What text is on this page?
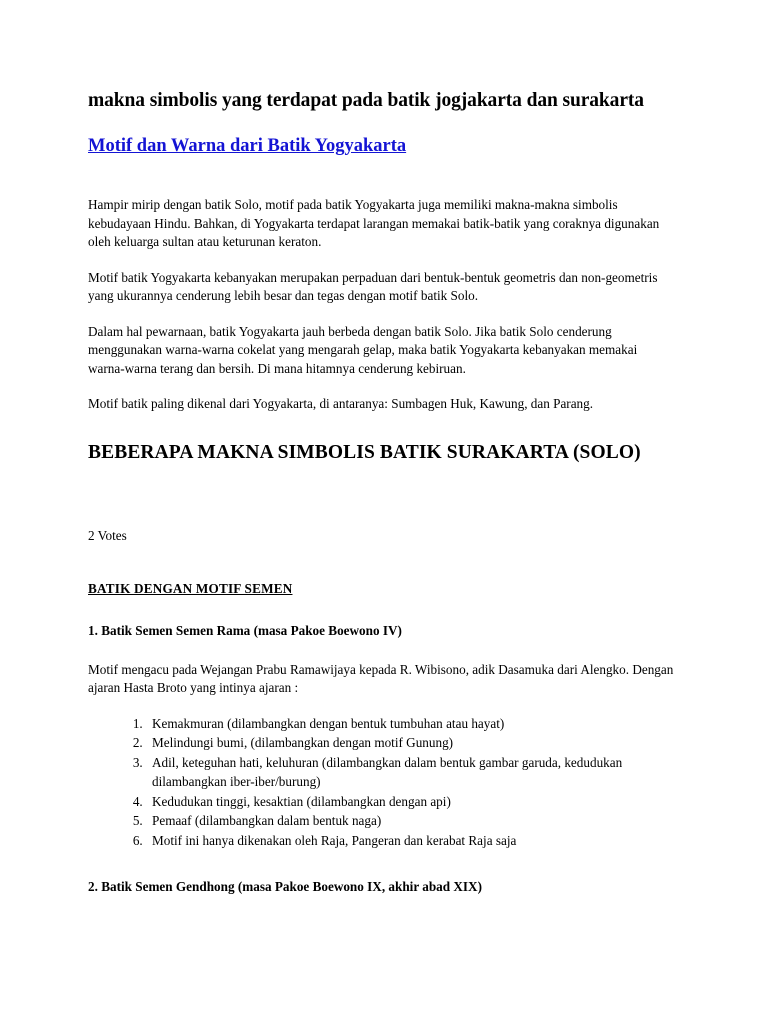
makna simbolis yang terdapat pada batik jogjakarta dan surakarta
Motif dan Warna dari Batik Yogyakarta

Hampir mirip dengan batik Solo, motif pada batik Yogyakarta juga memiliki makna-makna simbolis kebudayaan Hindu. Bahkan, di Yogyakarta terdapat larangan memakai batik-batik yang coraknya digunakan oleh keluarga sultan atau keturunan keraton.

Motif batik Yogyakarta kebanyakan merupakan perpaduan dari bentuk-bentuk geometris dan non-geometris yang ukurannya cenderung lebih besar dan tegas dengan motif batik Solo.

Dalam hal pewarnaan, batik Yogyakarta jauh berbeda dengan batik Solo. Jika batik Solo cenderung menggunakan warna-warna cokelat yang mengarah gelap, maka batik Yogyakarta kebanyakan memakai warna-warna terang dan bersih. Di mana hitamnya cenderung kebiruan.

Motif batik paling dikenal dari Yogyakarta, di antaranya: Sumbagen Huk, Kawung, dan Parang.

BEBERAPA MAKNA SIMBOLIS BATIK SURAKARTA (SOLO)
2 Votes
BATIK DENGAN MOTIF SEMEN
1. Batik Semen Semen Rama (masa Pakoe Boewono IV)

Motif mengacu pada Wejangan Prabu Ramawijaya kepada R. Wibisono, adik Dasamuka dari Alengko. Dengan ajaran Hasta Broto yang intinya ajaran :

1. Kemakmuran (dilambangkan dengan bentuk tumbuhan atau hayat)
2. Melindungi bumi, (dilambangkan dengan motif Gunung)
3. Adil, keteguhan hati, keluhuran (dilambangkan dalam bentuk gambar garuda, kedudukan dilambangkan iber-iber/burung)
4. Kedudukan tinggi, kesaktian (dilambangkan dengan api)
5. Pemaaf (dilambangkan dalam bentuk naga)
6. Motif ini hanya dikenakan oleh Raja, Pangeran dan kerabat Raja saja
2. Batik Semen Gendhong (masa Pakoe Boewono IX, akhir abad XIX)
